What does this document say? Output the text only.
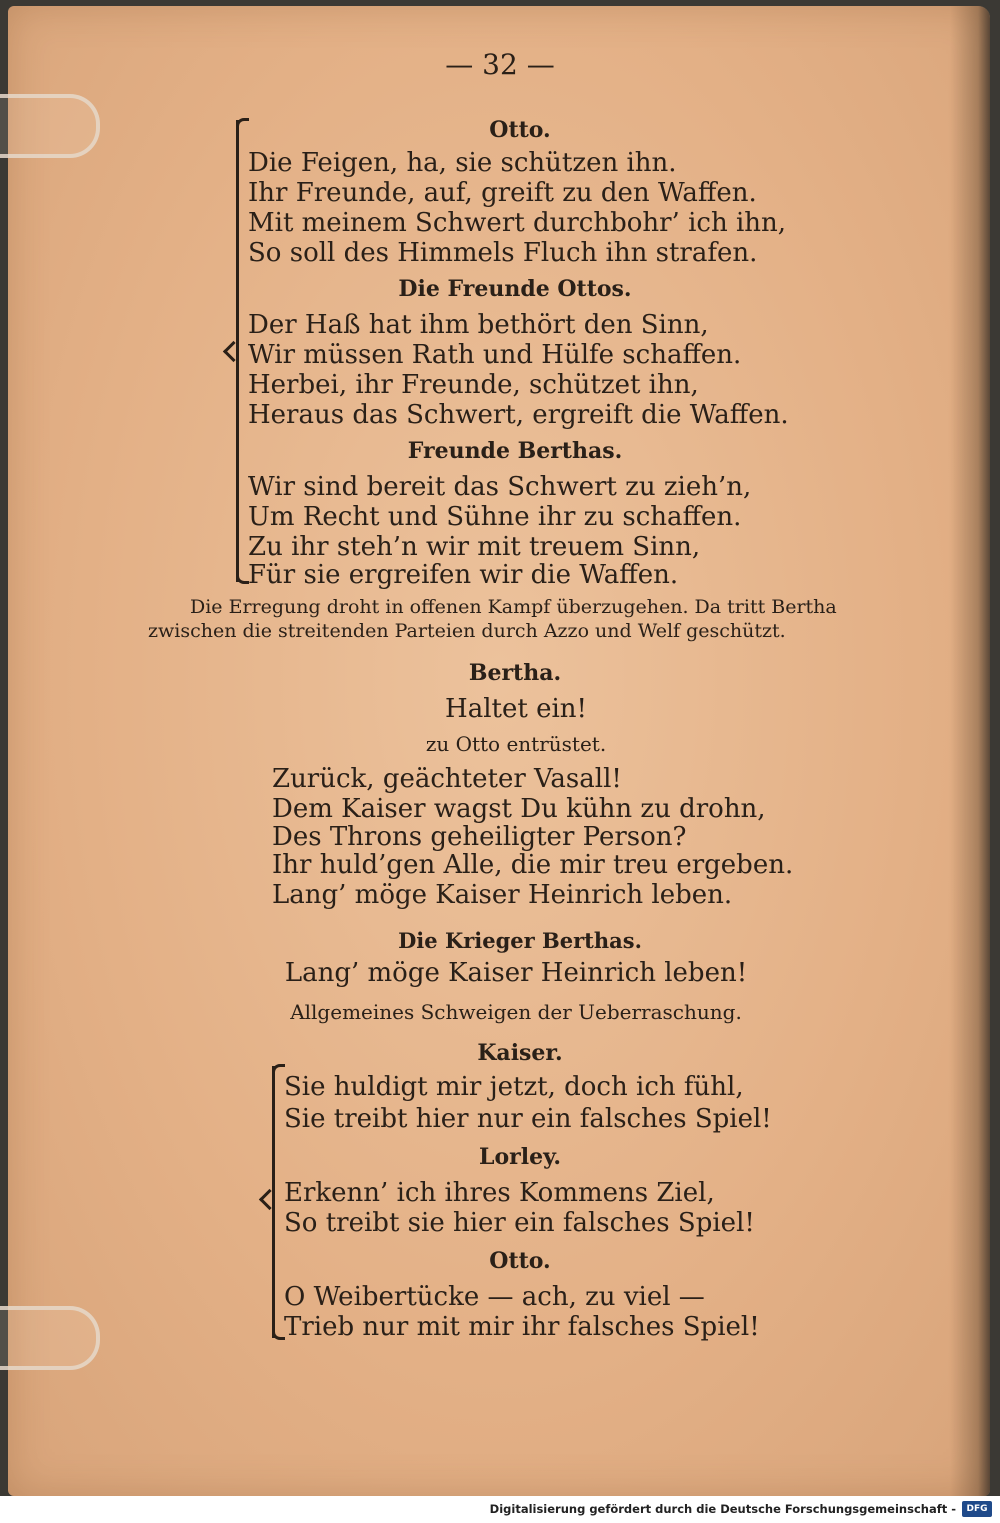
— 32 —
Otto.
Die Feigen, ha, sie schützen ihn.
Ihr Freunde, auf, greift zu den Waffen.
Mit meinem Schwert durchbohr’ ich ihn,
So soll des Himmels Fluch ihn strafen.
Die Freunde Ottos.
Der Haß hat ihm bethört den Sinn,
Wir müssen Rath und Hülfe schaffen.
Herbei, ihr Freunde, schützet ihn,
Heraus das Schwert, ergreift die Waffen.
Freunde Berthas.
Wir sind bereit das Schwert zu zieh’n,
Um Recht und Sühne ihr zu schaffen.
Zu ihr steh’n wir mit treuem Sinn,
Für sie ergreifen wir die Waffen.
Die Erregung droht in offenen Kampf überzugehen. Da tritt Bertha
zwischen die streitenden Parteien durch Azzo und Welf geschützt.
Bertha.
Haltet ein!
zu Otto entrüstet.
Zurück, geächteter Vasall!
Dem Kaiser wagst Du kühn zu drohn,
Des Throns geheiligter Person?
Ihr huld’gen Alle, die mir treu ergeben.
Lang’ möge Kaiser Heinrich leben.
Die Krieger Berthas.
Lang’ möge Kaiser Heinrich leben!
Allgemeines Schweigen der Ueberraschung.
Kaiser.
Sie huldigt mir jetzt, doch ich fühl,
Sie treibt hier nur ein falsches Spiel!
Lorley.
Erkenn’ ich ihres Kommens Ziel,
So treibt sie hier ein falsches Spiel!
Otto.
O Weibertücke — ach, zu viel —
Trieb nur mit mir ihr falsches Spiel!
Digitalisierung gefördert durch die Deutsche Forschungsgemeinschaft -	DFG
